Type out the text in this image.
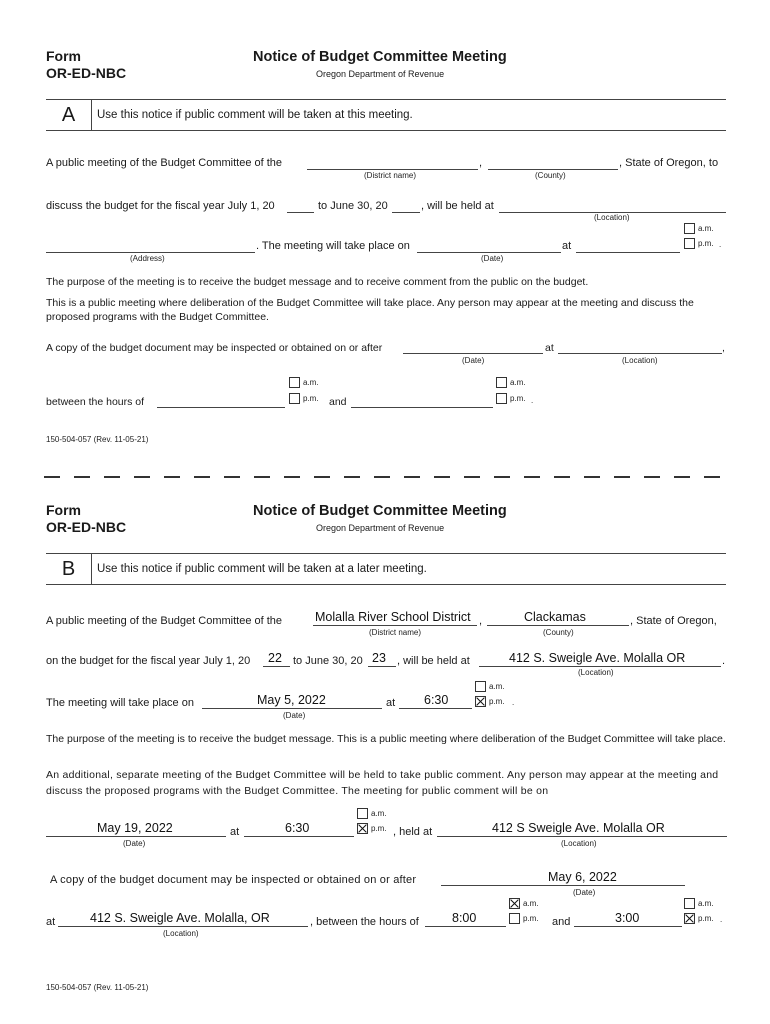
Form
OR-ED-NBC
Notice of Budget Committee Meeting
Oregon Department of Revenue
A	Use this notice if public comment will be taken at this meeting.
A public meeting of the Budget Committee of the	,	, State of Oregon, to
(District name)	(County)
discuss the budget for the fiscal year July 1, 20	to June 30, 20	, will be held at
(Location)
a.m.
. The meeting will take place on	at	p.m. .
(Address)	(Date)
The purpose of the meeting is to receive the budget message and to receive comment from the public on the budget.
This is a public meeting where deliberation of the Budget Committee will take place. Any person may appear at the meeting and discuss the proposed programs with the Budget Committee.
A copy of the budget document may be inspected or obtained on or after	at	,
(Date)	(Location)
a.m.	a.m.
between the hours of	p.m. and	p.m. .
150-504-057 (Rev. 11-05-21)
Form
OR-ED-NBC
Notice of Budget Committee Meeting
Oregon Department of Revenue
B	Use this notice if public comment will be taken at a later meeting.
A public meeting of the Budget Committee of the	Molalla River School District ,	Clackamas	, State of Oregon,
(District name)	(County)
on the budget for the fiscal year July 1, 20 22 to June 30, 20 23 , will be held at	412 S. Sweigle Ave. Molalla OR	.
(Location)
a.m.
The meeting will take place on	May 5, 2022	at 6:30	p.m. .
(Date)
The purpose of the meeting is to receive the budget message. This is a public meeting where deliberation of the Budget Committee will take place.
An additional, separate meeting of the Budget Committee will be held to take public comment. Any person may appear at the meeting and discuss the proposed programs with the Budget Committee. The meeting for public comment will be on
a.m.
May 19, 2022	at	6:30	p.m. , held at	412 S Sweigle Ave. Molalla OR
(Date)	(Location)
A copy of the budget document may be inspected or obtained on or after	May 6, 2022
(Date)
a.m.	a.m.
at	412 S. Sweigle Ave. Molalla, OR	, between the hours of	8:00	p.m. and	3:00	p.m. .
(Location)
150-504-057 (Rev. 11-05-21)
